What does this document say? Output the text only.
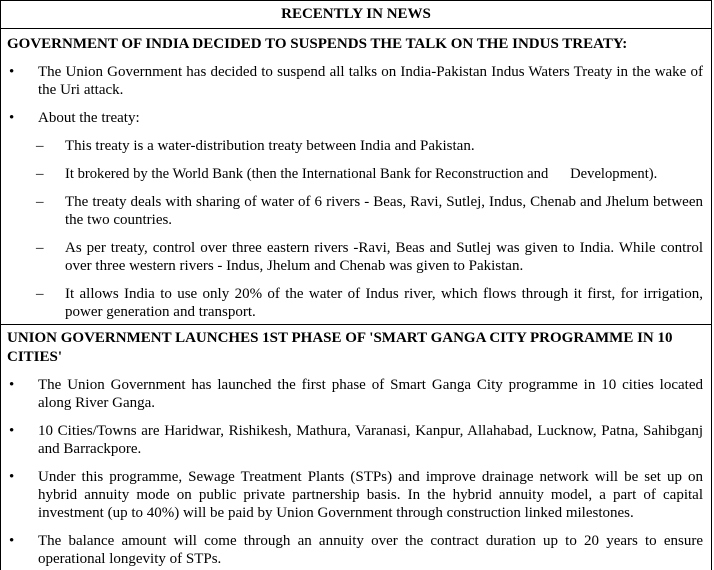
RECENTLY IN NEWS
GOVERNMENT OF INDIA DECIDED TO SUSPENDS THE TALK ON THE INDUS TREATY:
•	The Union Government has decided to suspend all talks on India-Pakistan Indus Waters Treaty in the wake of the Uri attack.
•	About the treaty:
–	This treaty is a water-distribution treaty between India and Pakistan.
–	It brokered by the World Bank (then the International Bank for Reconstruction and      Development).
–	The treaty deals with sharing of water of 6 rivers - Beas, Ravi, Sutlej, Indus, Chenab and Jhelum between the two countries.
–	As per treaty, control over three eastern rivers -Ravi, Beas and Sutlej was given to India. While control over three western rivers - Indus, Jhelum and Chenab was given to Pakistan.
–	It allows India to use only 20% of the water of Indus river, which flows through it first, for irrigation, power generation and transport.
UNION GOVERNMENT LAUNCHES 1ST PHASE OF 'SMART GANGA CITY PROGRAMME IN 10 CITIES'
•	The Union Government has launched the first phase of Smart Ganga City programme in 10 cities located along River Ganga.
•	10 Cities/Towns are Haridwar, Rishikesh, Mathura, Varanasi, Kanpur, Allahabad, Lucknow, Patna, Sahibganj and Barrackpore.
•	Under this programme, Sewage Treatment Plants (STPs) and improve drainage network will be set up on hybrid annuity mode on public private partnership basis. In the hybrid annuity model, a part of capital investment (up to 40%) will be paid by Union Government through construction linked milestones.
•	The balance amount will come through an annuity over the contract duration up to 20 years to ensure operational longevity of STPs.
